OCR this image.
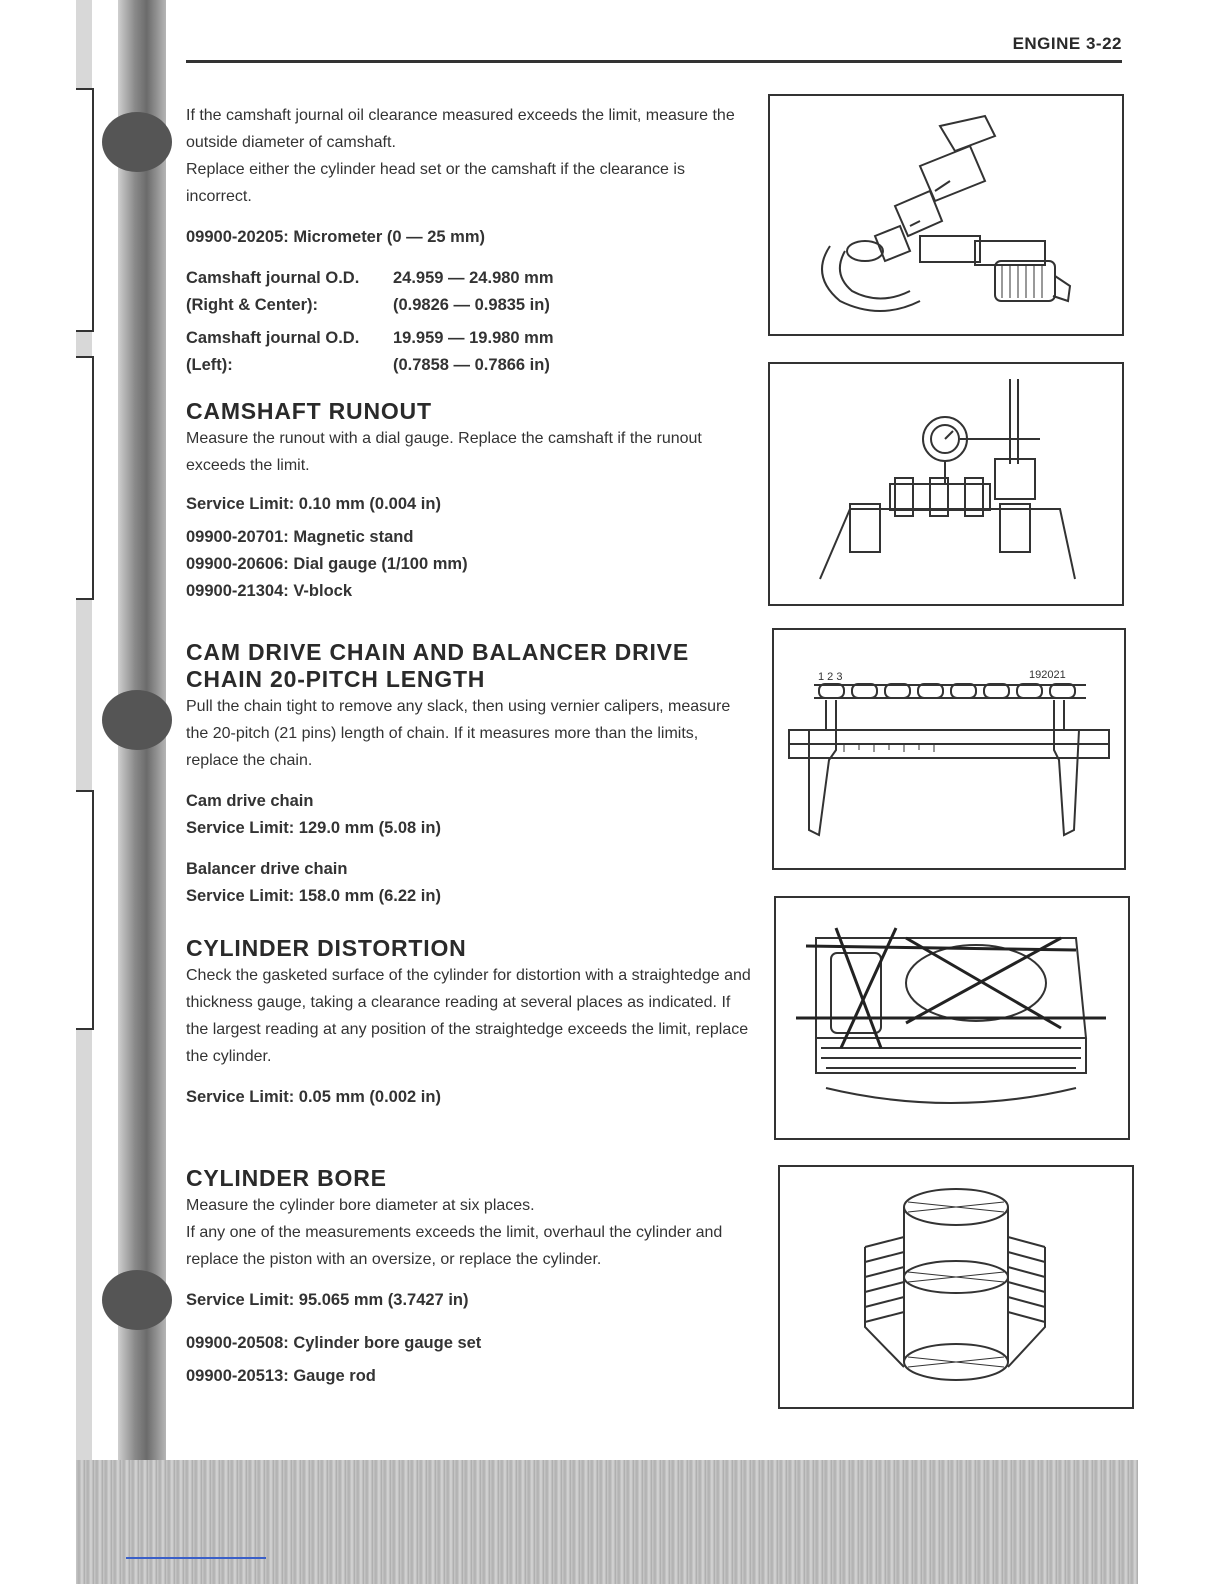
ENGINE 3-22

If the camshaft journal oil clearance measured exceeds the limit, measure the outside diameter of camshaft.

Replace either the cylinder head set or the camshaft if the clearance is incorrect.

09900-20205: Micrometer (0 — 25 mm)

Camshaft journal O.D.	24.959 — 24.980 mm
(Right & Center):	(0.9826 — 0.9835 in)
Camshaft journal O.D.	19.959 — 19.980 mm
(Left):	(0.7858 — 0.7866 in)

CAMSHAFT RUNOUT

Measure the runout with a dial gauge. Replace the camshaft if the runout exceeds the limit.

Service Limit: 0.10 mm (0.004 in)

09900-20701: Magnetic stand

09900-20606: Dial gauge (1/100 mm)

09900-21304: V-block

CAM DRIVE CHAIN AND BALANCER DRIVE

CHAIN 20-PITCH LENGTH

Pull the chain tight to remove any slack, then using vernier calipers, measure the 20-pitch (21 pins) length of chain. If it measures more than the limits, replace the chain.

Cam drive chain

Service Limit: 129.0 mm (5.08 in)

Balancer drive chain

Service Limit: 158.0 mm (6.22 in)

CYLINDER DISTORTION

Check the gasketed surface of the cylinder for distortion with a straightedge and thickness gauge, taking a clearance reading at several places as indicated. If the largest reading at any position of the straightedge exceeds the limit, replace the cylinder.

Service Limit: 0.05 mm (0.002 in)

CYLINDER BORE

Measure the cylinder bore diameter at six places.

If any one of the measurements exceeds the limit, overhaul the cylinder and replace the piston with an oversize, or replace the cylinder.

Service Limit: 95.065 mm (3.7427 in)

09900-20508: Cylinder bore gauge set

09900-20513: Gauge rod

1 2 3	192021
